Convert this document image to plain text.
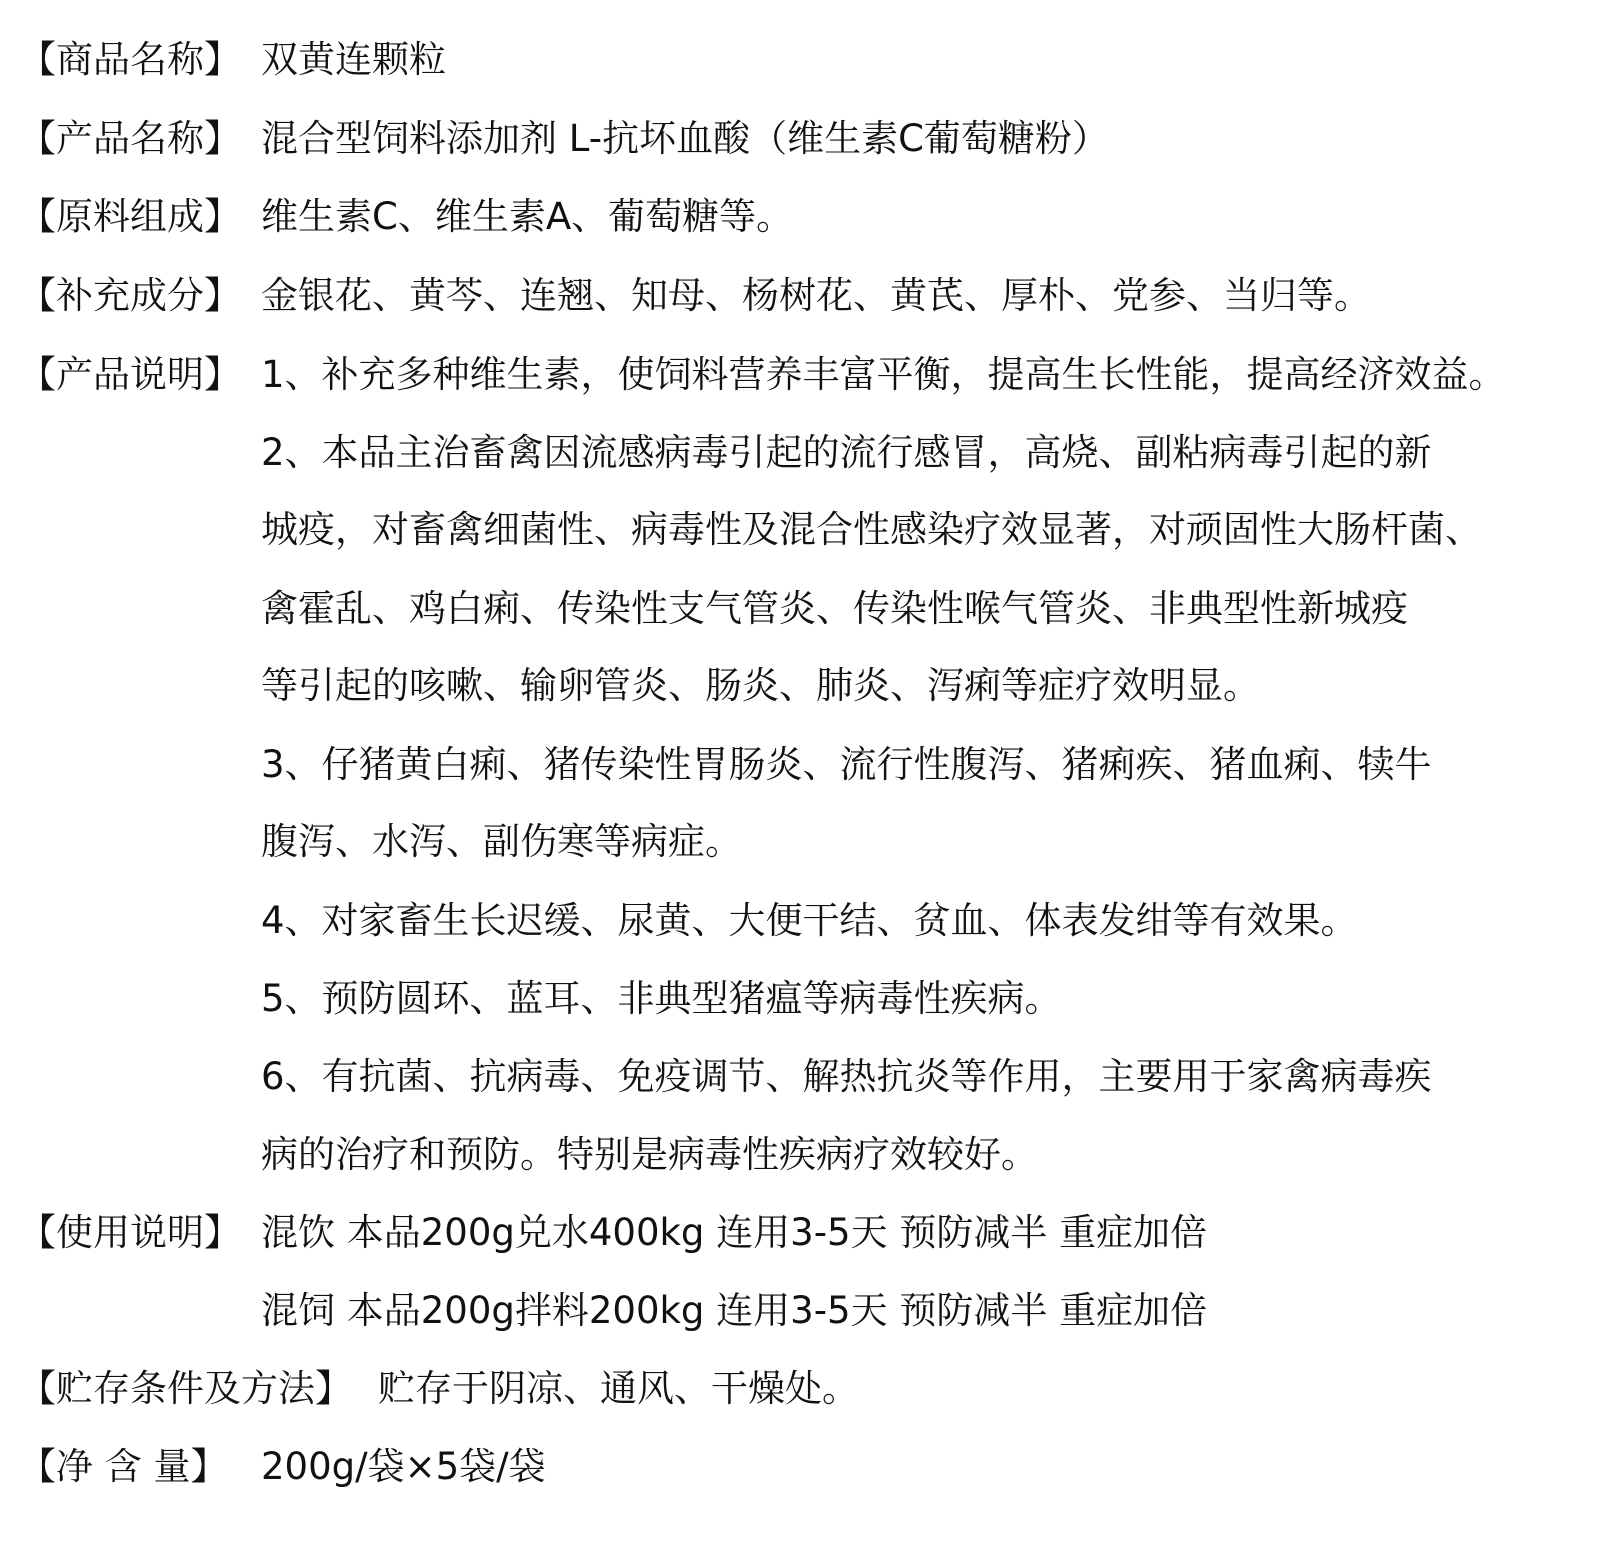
【商品名称】 双黄连颗粒
【产品名称】 混合型饲料添加剂 L-抗坏血酸（维生素C葡萄糖粉）
【原料组成】 维生素C、维生素A、葡萄糖等。
【补充成分】 金银花、黄芩、连翘、知母、杨树花、黄芪、厚朴、党参、当归等。
【产品说明】 1、补充多种维生素，使饲料营养丰富平衡，提高生长性能，提高经济效益。
2、本品主治畜禽因流感病毒引起的流行感冒，高烧、副粘病毒引起的新
城疫，对畜禽细菌性、病毒性及混合性感染疗效显著，对顽固性大肠杆菌、
禽霍乱、鸡白痢、传染性支气管炎、传染性喉气管炎、非典型性新城疫
等引起的咳嗽、输卵管炎、肠炎、肺炎、泻痢等症疗效明显。
3、仔猪黄白痢、猪传染性胃肠炎、流行性腹泻、猪痢疾、猪血痢、犊牛
腹泻、水泻、副伤寒等病症。
4、对家畜生长迟缓、尿黄、大便干结、贫血、体表发绀等有效果。
5、预防圆环、蓝耳、非典型猪瘟等病毒性疾病。
6、有抗菌、抗病毒、免疫调节、解热抗炎等作用，主要用于家禽病毒疾
病的治疗和预防。特别是病毒性疾病疗效较好。
【使用说明】 混饮 本品200g兑水400kg 连用3-5天 预防减半 重症加倍
混饲 本品200g拌料200kg 连用3-5天 预防减半 重症加倍
【贮存条件及方法】 贮存于阴凉、通风、干燥处。
【净 含 量】 200g/袋×5袋/袋
